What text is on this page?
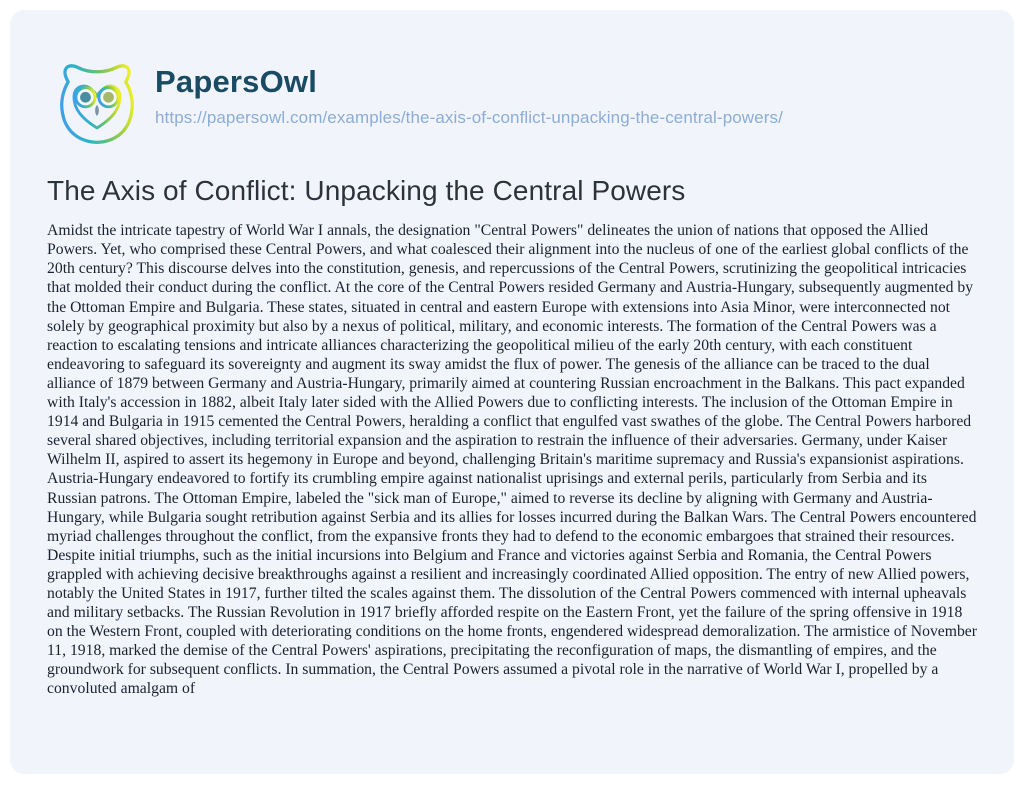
PapersOwl
https://papersowl.com/examples/the-axis-of-conflict-unpacking-the-central-powers/
The Axis of Conflict: Unpacking the Central Powers

Amidst the intricate tapestry of World War I annals, the designation "Central Powers" delineates the union of nations that opposed the Allied Powers. Yet, who comprised these Central Powers, and what coalesced their alignment into the nucleus of one of the earliest global conflicts of the 20th century? This discourse delves into the constitution, genesis, and repercussions of the Central Powers, scrutinizing the geopolitical intricacies that molded their conduct during the conflict. At the core of the Central Powers resided Germany and Austria-Hungary, subsequently augmented by the Ottoman Empire and Bulgaria. These states, situated in central and eastern Europe with extensions into Asia Minor, were interconnected not solely by geographical proximity but also by a nexus of political, military, and economic interests. The formation of the Central Powers was a reaction to escalating tensions and intricate alliances characterizing the geopolitical milieu of the early 20th century, with each constituent endeavoring to safeguard its sovereignty and augment its sway amidst the flux of power. The genesis of the alliance can be traced to the dual alliance of 1879 between Germany and Austria-Hungary, primarily aimed at countering Russian encroachment in the Balkans. This pact expanded with Italy's accession in 1882, albeit Italy later sided with the Allied Powers due to conflicting interests. The inclusion of the Ottoman Empire in 1914 and Bulgaria in 1915 cemented the Central Powers, heralding a conflict that engulfed vast swathes of the globe. The Central Powers harbored several shared objectives, including territorial expansion and the aspiration to restrain the influence of their adversaries. Germany, under Kaiser Wilhelm II, aspired to assert its hegemony in Europe and beyond, challenging Britain's maritime supremacy and Russia's expansionist aspirations. Austria-Hungary endeavored to fortify its crumbling empire against nationalist uprisings and external perils, particularly from Serbia and its Russian patrons. The Ottoman Empire, labeled the "sick man of Europe," aimed to reverse its decline by aligning with Germany and Austria-Hungary, while Bulgaria sought retribution against Serbia and its allies for losses incurred during the Balkan Wars. The Central Powers encountered myriad challenges throughout the conflict, from the expansive fronts they had to defend to the economic embargoes that strained their resources. Despite initial triumphs, such as the initial incursions into Belgium and France and victories against Serbia and Romania, the Central Powers grappled with achieving decisive breakthroughs against a resilient and increasingly coordinated Allied opposition. The entry of new Allied powers, notably the United States in 1917, further tilted the scales against them. The dissolution of the Central Powers commenced with internal upheavals and military setbacks. The Russian Revolution in 1917 briefly afforded respite on the Eastern Front, yet the failure of the spring offensive in 1918 on the Western Front, coupled with deteriorating conditions on the home fronts, engendered widespread demoralization. The armistice of November 11, 1918, marked the demise of the Central Powers' aspirations, precipitating the reconfiguration of maps, the dismantling of empires, and the groundwork for subsequent conflicts. In summation, the Central Powers assumed a pivotal role in the narrative of World War I, propelled by a convoluted amalgam of
